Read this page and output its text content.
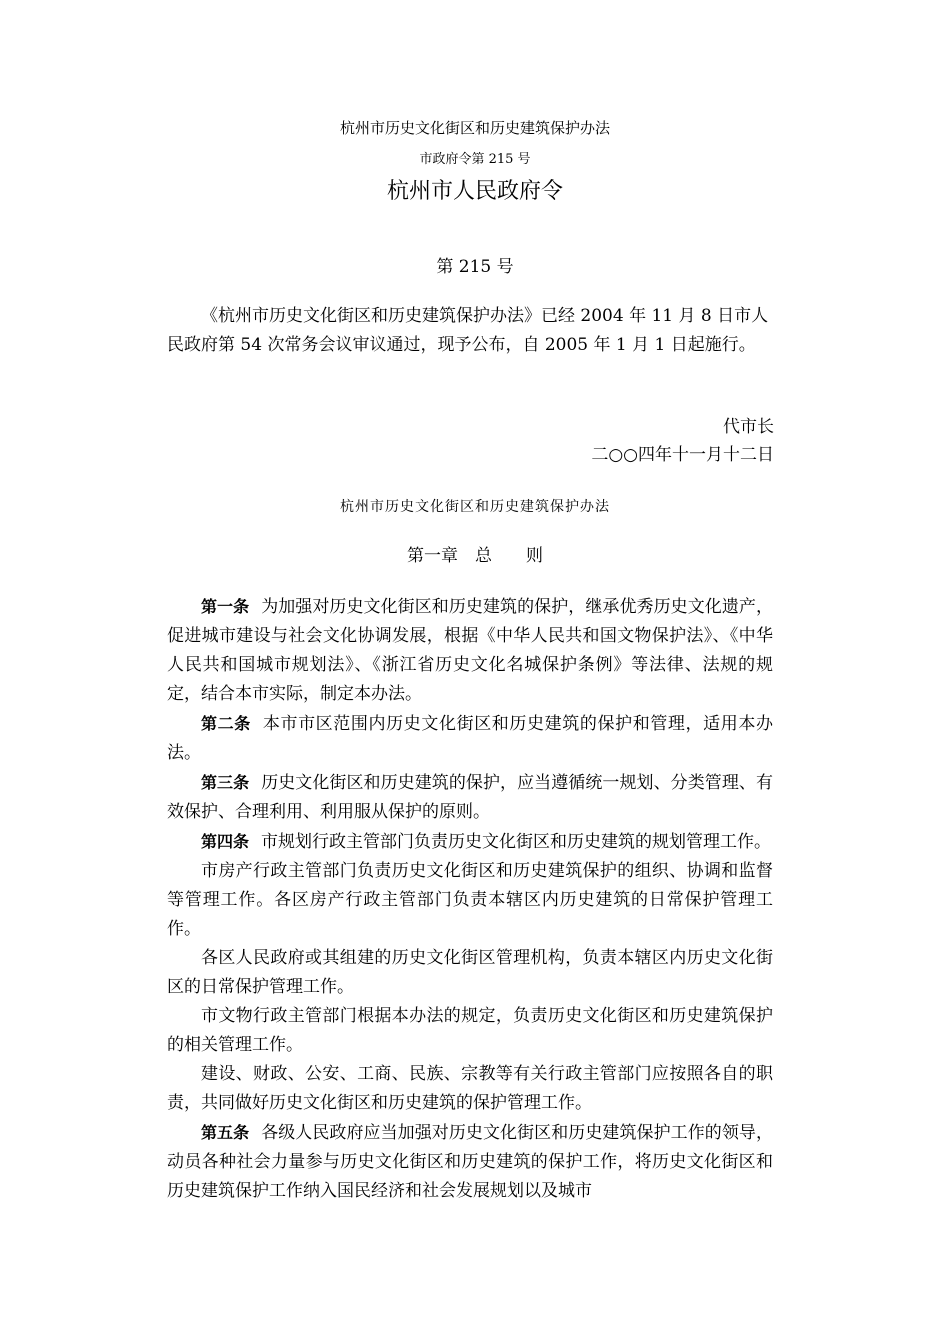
杭州市历史文化街区和历史建筑保护办法
市政府令第 215 号
杭州市人民政府令
第 215 号
《杭州市历史文化街区和历史建筑保护办法》已经 2004 年 11 月 8 日市人民政府第 54 次常务会议审议通过，现予公布，自 2005 年 1 月 1 日起施行。
代市长
二○○四年十一月十二日
杭州市历史文化街区和历史建筑保护办法
第一章　总　　则

第一条 为加强对历史文化街区和历史建筑的保护，继承优秀历史文化遗产，促进城市建设与社会文化协调发展，根据《中华人民共和国文物保护法》、《中华人民共和国城市规划法》、《浙江省历史文化名城保护条例》等法律、法规的规定，结合本市实际，制定本办法。

第二条 本市市区范围内历史文化街区和历史建筑的保护和管理，适用本办法。

第三条 历史文化街区和历史建筑的保护，应当遵循统一规划、分类管理、有效保护、合理利用、利用服从保护的原则。

第四条 市规划行政主管部门负责历史文化街区和历史建筑的规划管理工作。

市房产行政主管部门负责历史文化街区和历史建筑保护的组织、协调和监督等管理工作。各区房产行政主管部门负责本辖区内历史建筑的日常保护管理工作。

各区人民政府或其组建的历史文化街区管理机构，负责本辖区内历史文化街区的日常保护管理工作。

市文物行政主管部门根据本办法的规定，负责历史文化街区和历史建筑保护的相关管理工作。

建设、财政、公安、工商、民族、宗教等有关行政主管部门应按照各自的职责，共同做好历史文化街区和历史建筑的保护管理工作。

第五条 各级人民政府应当加强对历史文化街区和历史建筑保护工作的领导，动员各种社会力量参与历史文化街区和历史建筑的保护工作，将历史文化街区和历史建筑保护工作纳入国民经济和社会发展规划以及城市
